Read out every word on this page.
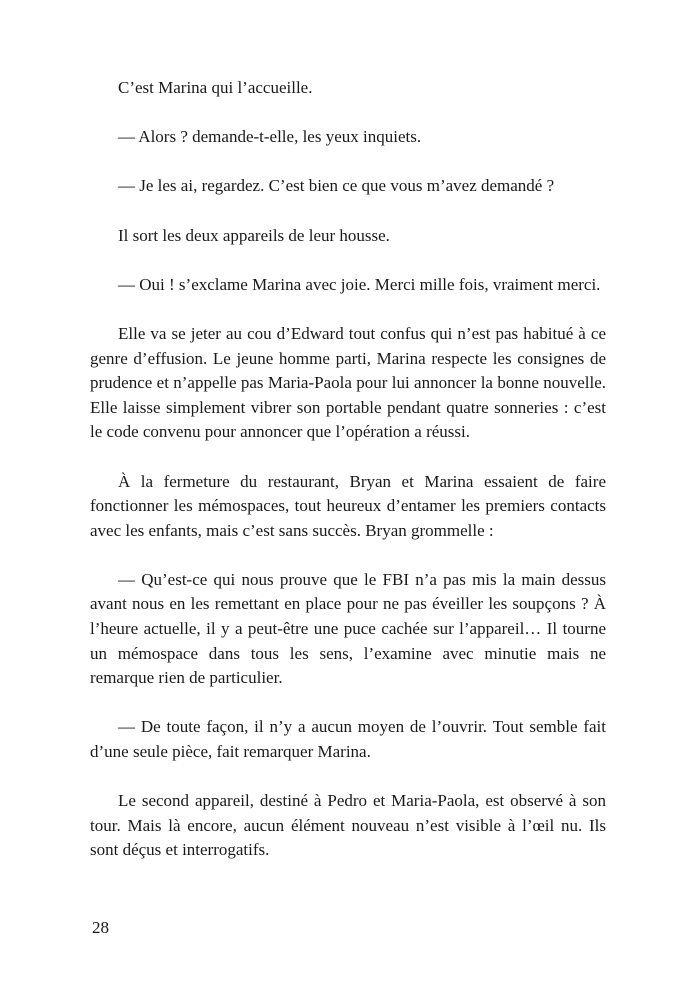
C’est Marina qui l’accueille.

— Alors ? demande-t-elle, les yeux inquiets.

— Je les ai, regardez. C’est bien ce que vous m’avez demandé ?

Il sort les deux appareils de leur housse.

— Oui ! s’exclame Marina avec joie. Merci mille fois, vraiment merci.

Elle va se jeter au cou d’Edward tout confus qui n’est pas habitué à ce genre d’effusion. Le jeune homme parti, Marina respecte les consignes de prudence et n’appelle pas Maria-Paola pour lui annoncer la bonne nouvelle. Elle laisse simplement vibrer son portable pendant quatre sonneries : c’est le code convenu pour annoncer que l’opération a réussi.

À la fermeture du restaurant, Bryan et Marina essaient de faire fonctionner les mémospaces, tout heureux d’entamer les premiers contacts avec les enfants, mais c’est sans succès. Bryan grommelle :

— Qu’est-ce qui nous prouve que le FBI n’a pas mis la main dessus avant nous en les remettant en place pour ne pas éveiller les soupçons ? À l’heure actuelle, il y a peut-être une puce cachée sur l’appareil… Il tourne un mémospace dans tous les sens, l’examine avec minutie mais ne remarque rien de particulier.

— De toute façon, il n’y a aucun moyen de l’ouvrir. Tout semble fait d’une seule pièce, fait remarquer Marina.

Le second appareil, destiné à Pedro et Maria-Paola, est observé à son tour. Mais là encore, aucun élément nouveau n’est visible à l’œil nu. Ils sont déçus et interrogatifs.

28
